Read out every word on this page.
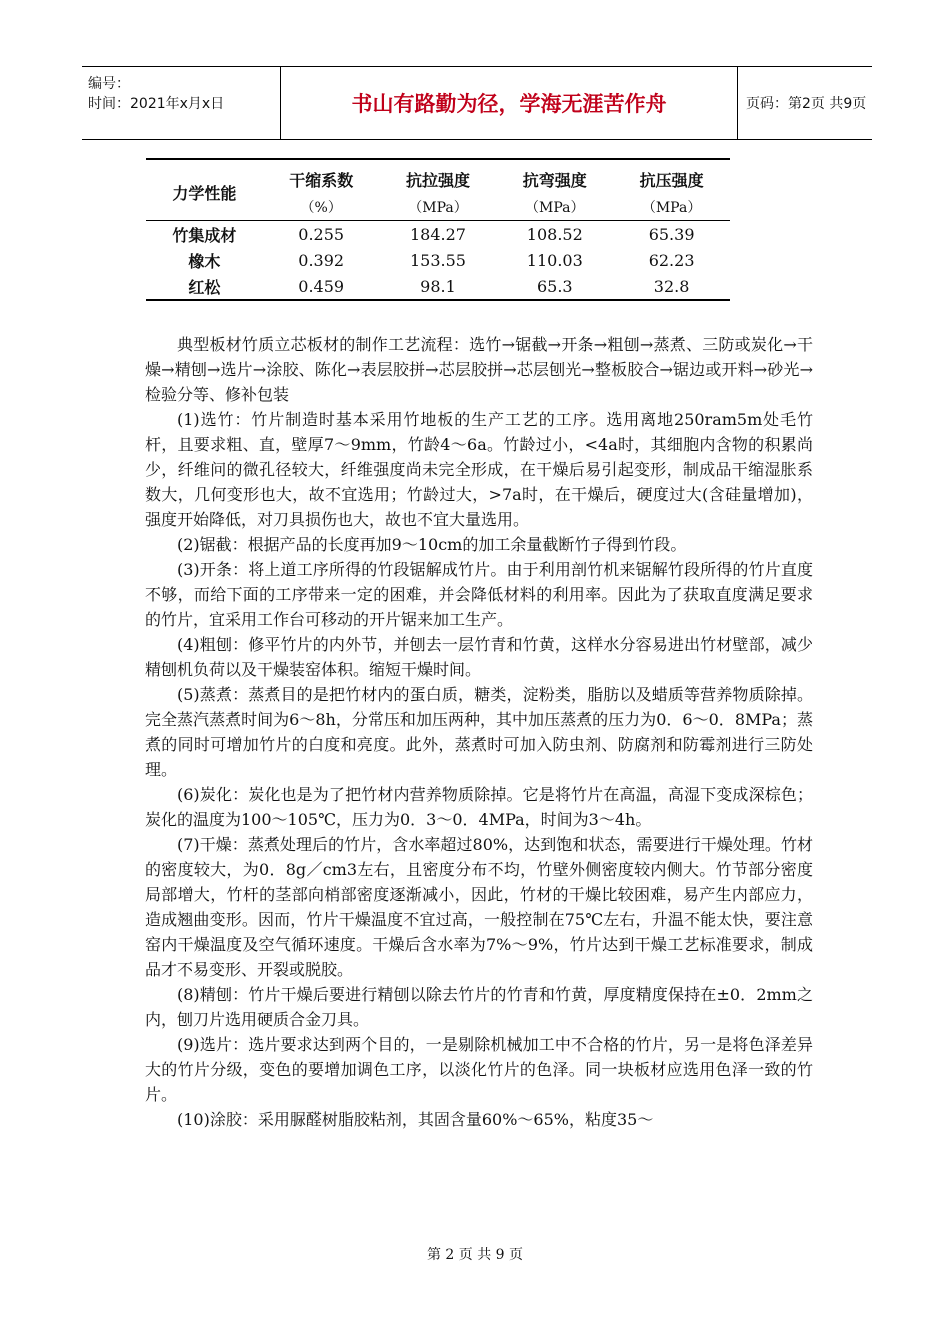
编号：
时间：2021年x月x日	书山有路勤为径，学海无涯苦作舟	页码：第2页 共9页
力学性能	干缩系数	抗拉强度	抗弯强度	抗压强度
	（%）	（MPa）	（MPa）	（MPa）
竹集成材	0.255	184.27	108.52	65.39
橡木	0.392	153.55	110.03	62.23
红松	0.459	98.1	65.3	32.8

典型板材竹质立芯板材的制作工艺流程：选竹→锯截→开条→粗刨→蒸煮、三防或炭化→干燥→精刨→选片→涂胶、陈化→表层胶拼→芯层胶拼→芯层刨光→整板胶合→锯边或开料→砂光→检验分等、修补包装

(1)选竹：竹片制造时基本采用竹地板的生产工艺的工序。选用离地250ram5m处毛竹杆，且要求粗、直，壁厚7～9mm，竹龄4～6a。竹龄过小，<4a时，其细胞内含物的积累尚少，纤维问的微孔径较大，纤维强度尚未完全形成，在干燥后易引起变形，制成品干缩湿胀系数大，几何变形也大，故不宜选用；竹龄过大，>7a时，在干燥后，硬度过大(含硅量增加)，强度开始降低，对刀具损伤也大，故也不宜大量选用。

(2)锯截：根据产品的长度再加9～10cm的加工余量截断竹子得到竹段。

(3)开条：将上道工序所得的竹段锯解成竹片。由于利用剖竹机来锯解竹段所得的竹片直度不够，而给下面的工序带来一定的困难，并会降低材料的利用率。因此为了获取直度满足要求的竹片，宜采用工作台可移动的开片锯来加工生产。

(4)粗刨：修平竹片的内外节，并刨去一层竹青和竹黄，这样水分容易进出竹材壁部，减少精刨机负荷以及干燥装窑体积。缩短干燥时间。

(5)蒸煮：蒸煮目的是把竹材内的蛋白质，糖类，淀粉类，脂肪以及蜡质等营养物质除掉。完全蒸汽蒸煮时间为6～8h，分常压和加压两种，其中加压蒸煮的压力为0．6～0．8MPa；蒸煮的同时可增加竹片的白度和亮度。此外，蒸煮时可加入防虫剂、防腐剂和防霉剂进行三防处理。

(6)炭化：炭化也是为了把竹材内营养物质除掉。它是将竹片在高温，高湿下变成深棕色；炭化的温度为100～105℃，压力为0．3～0．4MPa，时间为3～4h。

(7)干燥：蒸煮处理后的竹片，含水率超过80%，达到饱和状态，需要进行干燥处理。竹材的密度较大，为0．8g／cm3左右，且密度分布不均，竹壁外侧密度较内侧大。竹节部分密度局部增大，竹杆的茎部向梢部密度逐渐减小，因此，竹材的干燥比较困难，易产生内部应力，造成翘曲变形。因而，竹片干燥温度不宜过高，一般控制在75℃左右，升温不能太快，要注意窑内干燥温度及空气循环速度。干燥后含水率为7%～9%，竹片达到干燥工艺标准要求，制成品才不易变形、开裂或脱胶。

(8)精刨：竹片干燥后要进行精刨以除去竹片的竹青和竹黄，厚度精度保持在±0．2mm之内，刨刀片选用硬质合金刀具。

(9)选片：选片要求达到两个目的，一是剔除机械加工中不合格的竹片，另一是将色泽差异大的竹片分级，变色的要增加调色工序，以淡化竹片的色泽。同一块板材应选用色泽一致的竹片。

(10)涂胶：采用脲醛树脂胶粘剂，其固含量60%～65%，粘度35～

第 2 页 共 9 页
